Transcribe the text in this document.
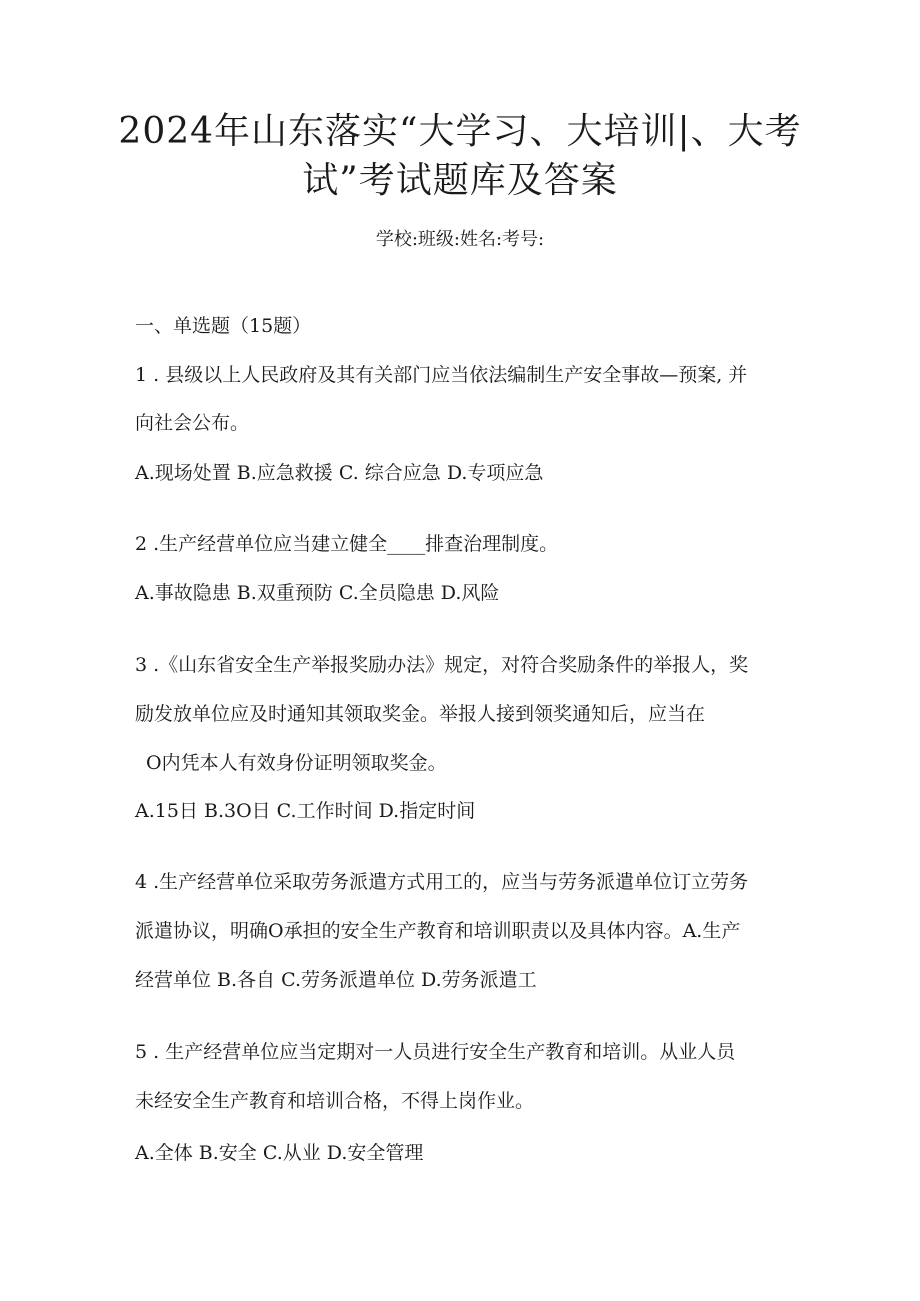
2024年山东落实“大学习、大培训|、大考
试”考试题库及答案
学校:班级:姓名:考号:
一、单选题（15题）
1 . 县级以上人民政府及其有关部门应当依法编制生产安全事故—预案, 并
向社会公布。
A.现场处置 B.应急救援 C. 综合应急 D.专项应急
2 .生产经营单位应当建立健全____排查治理制度。
A.事故隐患 B.双重预防 C.全员隐患 D.风险
3 .《山东省安全生产举报奖励办法》规定，对符合奖励条件的举报人，奖
励发放单位应及时通知其领取奖金。举报人接到领奖通知后，应当在
O内凭本人有效身份证明领取奖金。
A.15日 B.3O日 C.工作时间 D.指定时间
4 .生产经营单位采取劳务派遣方式用工的，应当与劳务派遣单位订立劳务
派遣协议，明确O承担的安全生产教育和培训职责以及具体内容。A.生产
经营单位 B.各自 C.劳务派遣单位 D.劳务派遣工
5 . 生产经营单位应当定期对一人员进行安全生产教育和培训。从业人员
未经安全生产教育和培训合格，不得上岗作业。
A.全体 B.安全 C.从业 D.安全管理
